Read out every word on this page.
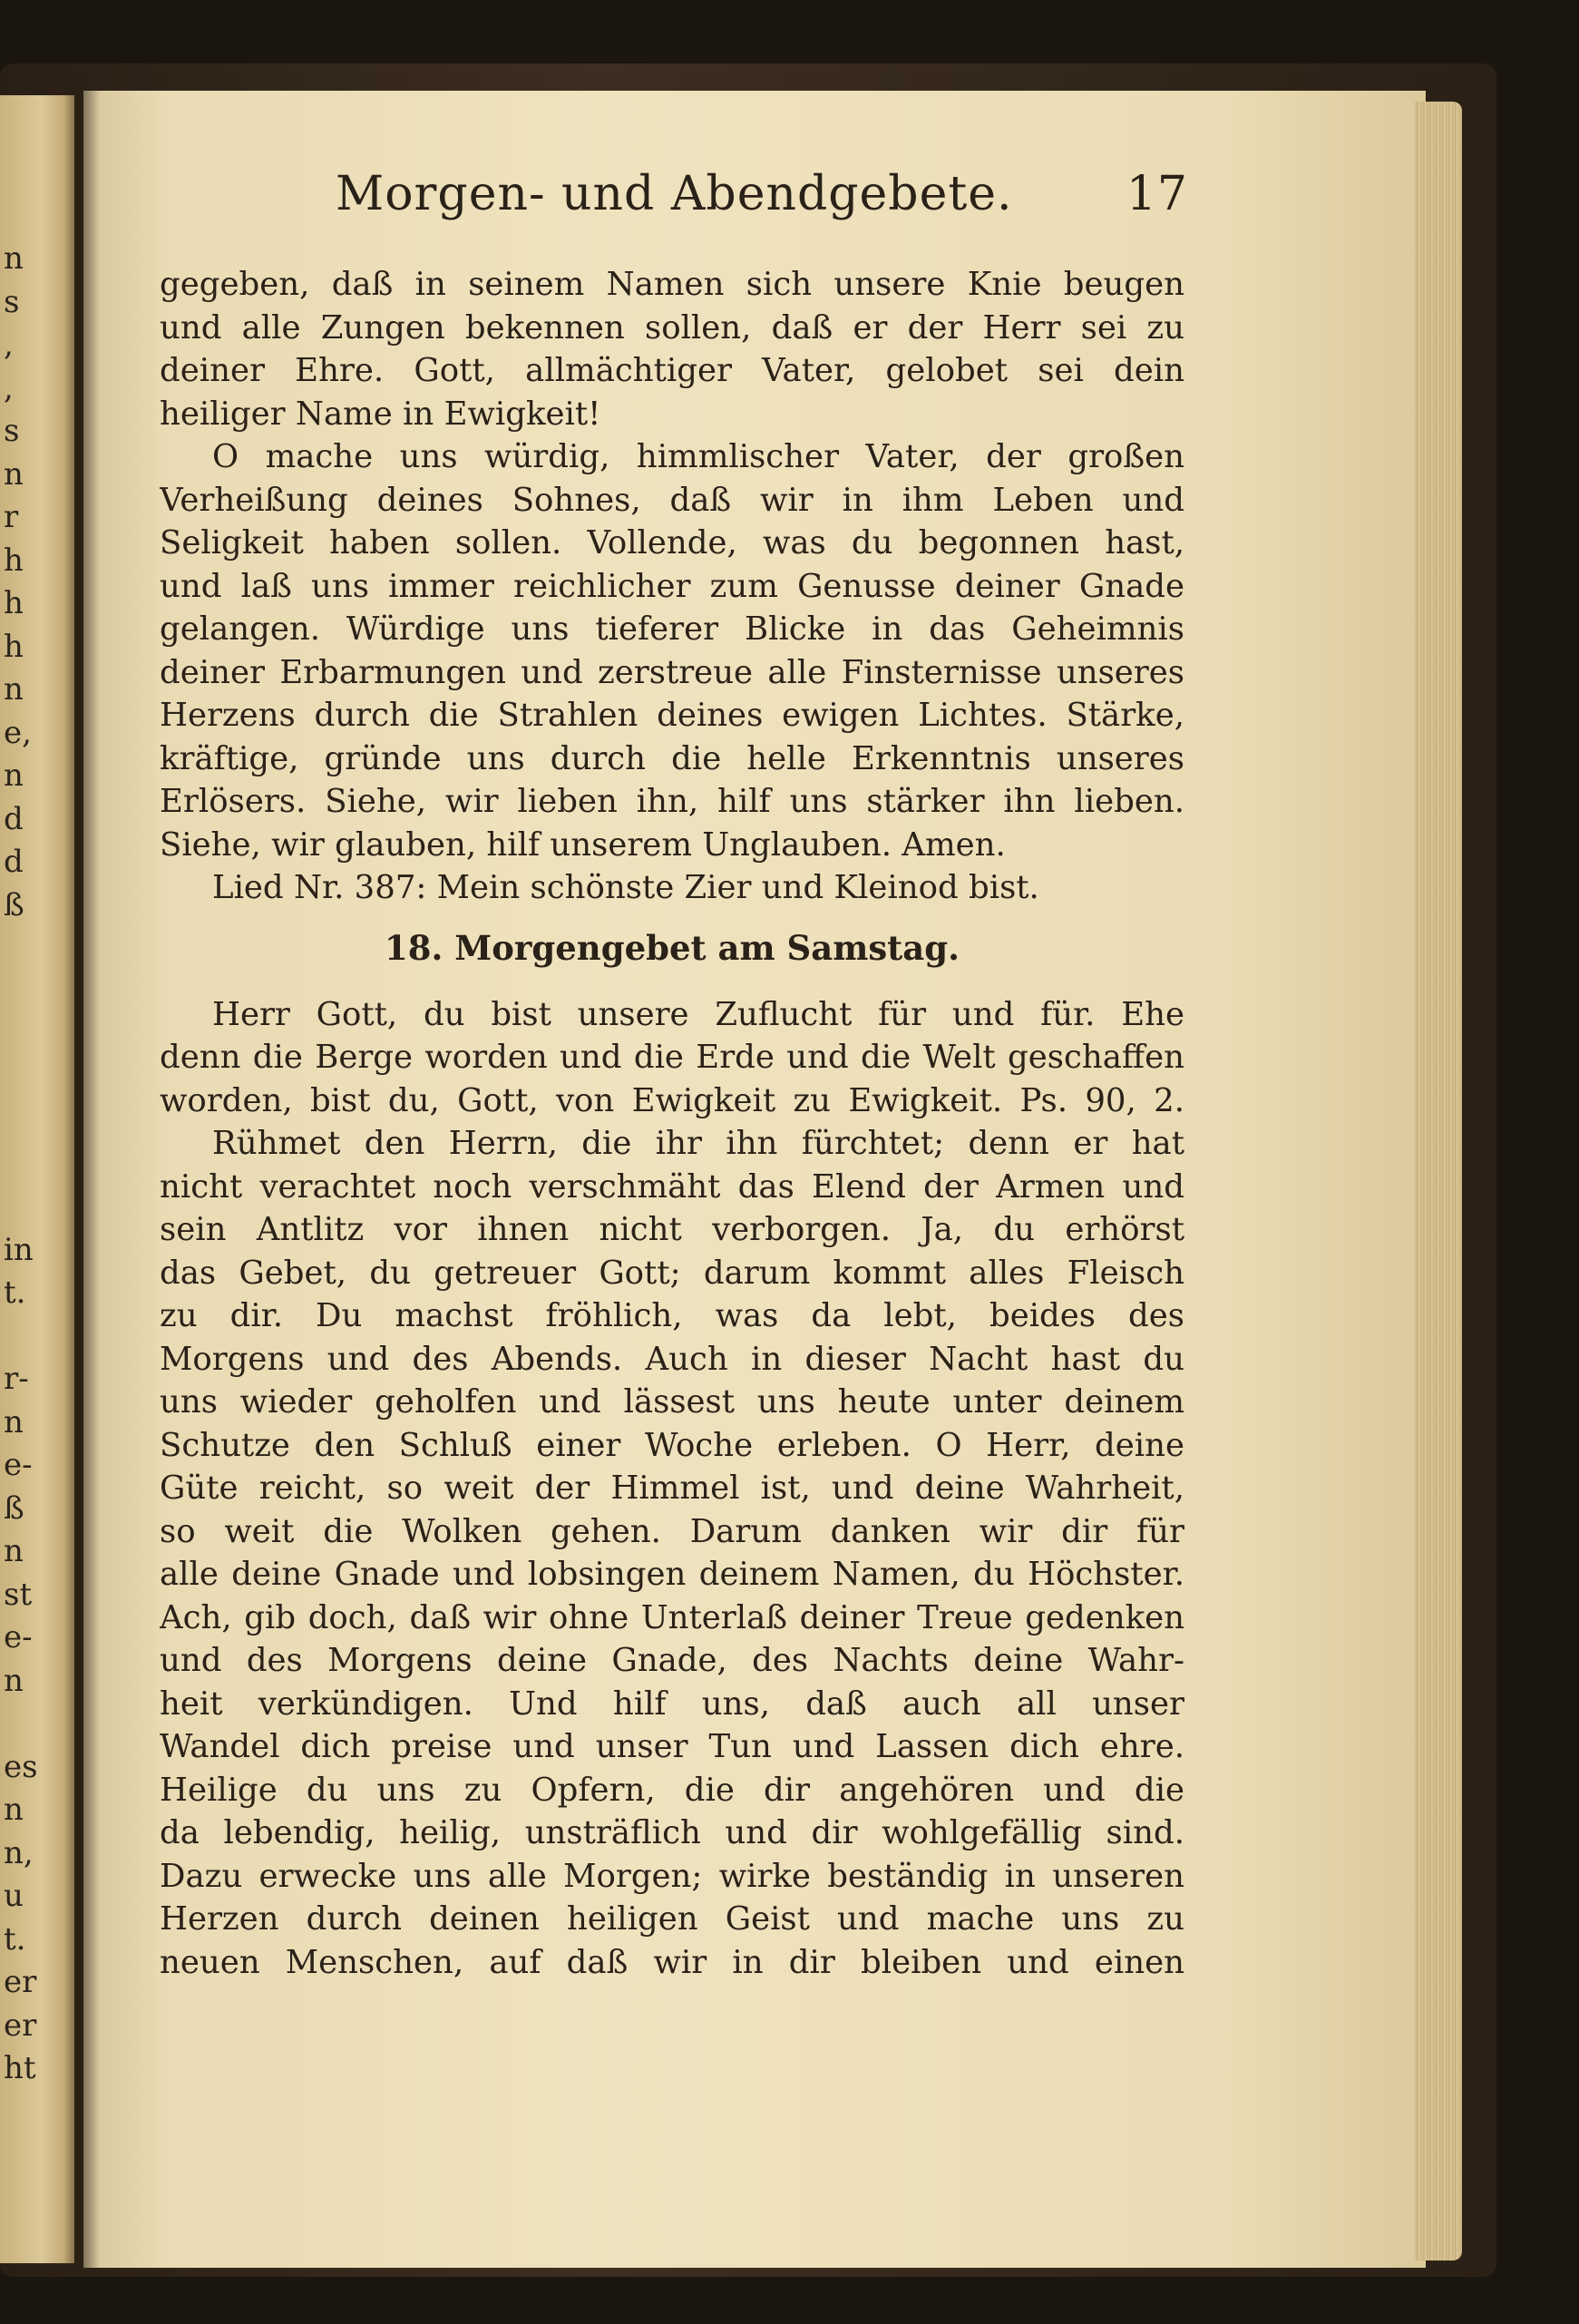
n
s
,
,
s
n
r
h
h
h
n
e,
n
d
d
ß
in
t.
r-
n
e-
ß
n
st
e-
n
es
n
n,
u
t.
er
er
ht
Morgen- und Abendgebete. 17
gegeben, daß in seinem Namen sich unsere Knie beugen
und alle Zungen bekennen sollen, daß er der Herr sei zu
deiner Ehre. Gott, allmächtiger Vater, gelobet sei dein
heiliger Name in Ewigkeit!
O mache uns würdig, himmlischer Vater, der großen
Verheißung deines Sohnes, daß wir in ihm Leben und
Seligkeit haben sollen. Vollende, was du begonnen hast,
und laß uns immer reichlicher zum Genusse deiner Gnade
gelangen. Würdige uns tieferer Blicke in das Geheimnis
deiner Erbarmungen und zerstreue alle Finsternisse unseres
Herzens durch die Strahlen deines ewigen Lichtes. Stärke,
kräftige, gründe uns durch die helle Erkenntnis unseres
Erlösers. Siehe, wir lieben ihn, hilf uns stärker ihn lieben.
Siehe, wir glauben, hilf unserem Unglauben. Amen.
Lied Nr. 387: Mein schönste Zier und Kleinod bist.
18. Morgengebet am Samstag.
Herr Gott, du bist unsere Zuflucht für und für. Ehe
denn die Berge worden und die Erde und die Welt geschaffen
worden, bist du, Gott, von Ewigkeit zu Ewigkeit. Ps. 90, 2.
Rühmet den Herrn, die ihr ihn fürchtet; denn er hat
nicht verachtet noch verschmäht das Elend der Armen und
sein Antlitz vor ihnen nicht verborgen. Ja, du erhörst
das Gebet, du getreuer Gott; darum kommt alles Fleisch
zu dir. Du machst fröhlich, was da lebt, beides des
Morgens und des Abends. Auch in dieser Nacht hast du
uns wieder geholfen und lässest uns heute unter deinem
Schutze den Schluß einer Woche erleben. O Herr, deine
Güte reicht, so weit der Himmel ist, und deine Wahrheit,
so weit die Wolken gehen. Darum danken wir dir für
alle deine Gnade und lobsingen deinem Namen, du Höchster.
Ach, gib doch, daß wir ohne Unterlaß deiner Treue gedenken
und des Morgens deine Gnade, des Nachts deine Wahr-
heit verkündigen. Und hilf uns, daß auch all unser
Wandel dich preise und unser Tun und Lassen dich ehre.
Heilige du uns zu Opfern, die dir angehören und die
da lebendig, heilig, unsträflich und dir wohlgefällig sind.
Dazu erwecke uns alle Morgen; wirke beständig in unseren
Herzen durch deinen heiligen Geist und mache uns zu
neuen Menschen, auf daß wir in dir bleiben und einen
